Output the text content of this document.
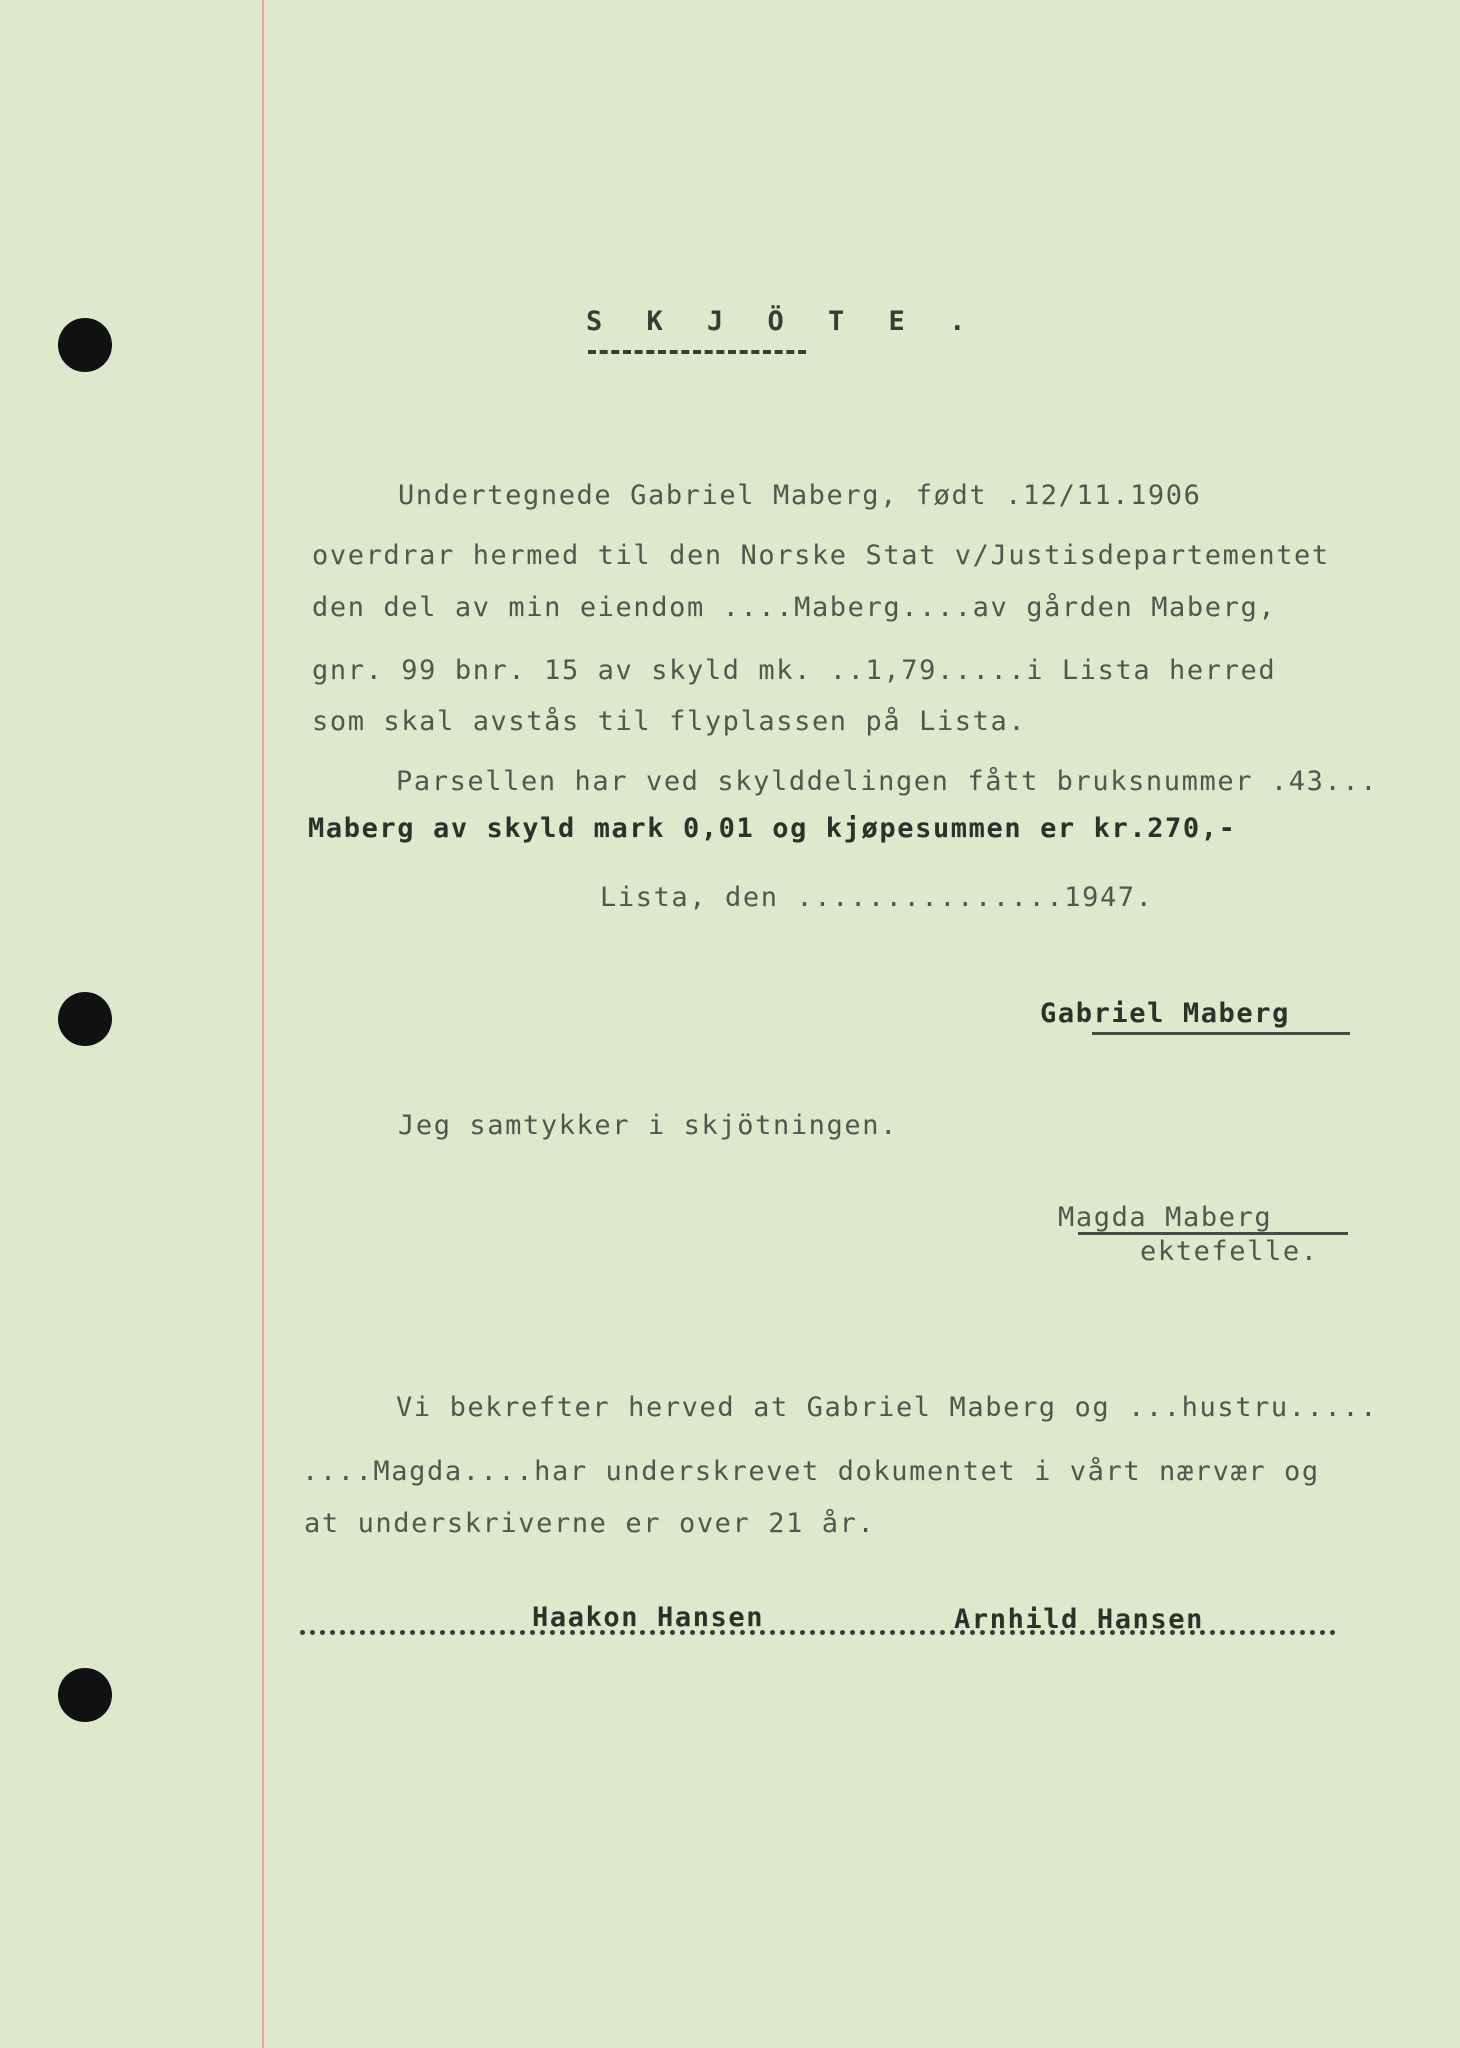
S K J Ö T E .
Undertegnede Gabriel Maberg, født .12/11.1906
overdrar hermed til den Norske Stat v/Justisdepartementet
den del av min eiendom ....Maberg....av gården Maberg,
gnr. 99 bnr. 15 av skyld mk. ..1,79.....i Lista herred
som skal avstås til flyplassen på Lista.
Parsellen har ved skylddelingen fått bruksnummer .43...
Maberg av skyld mark 0,01 og kjøpesummen er kr.270,-
Lista, den ...............1947.
Gabriel Maberg
Jeg samtykker i skjötningen.
Magda Maberg
ektefelle.
Vi bekrefter herved at Gabriel Maberg og ...hustru.....
....Magda....har underskrevet dokumentet i vårt nærvær og
at underskriverne er over 21 år.
Haakon Hansen	Arnhild Hansen
